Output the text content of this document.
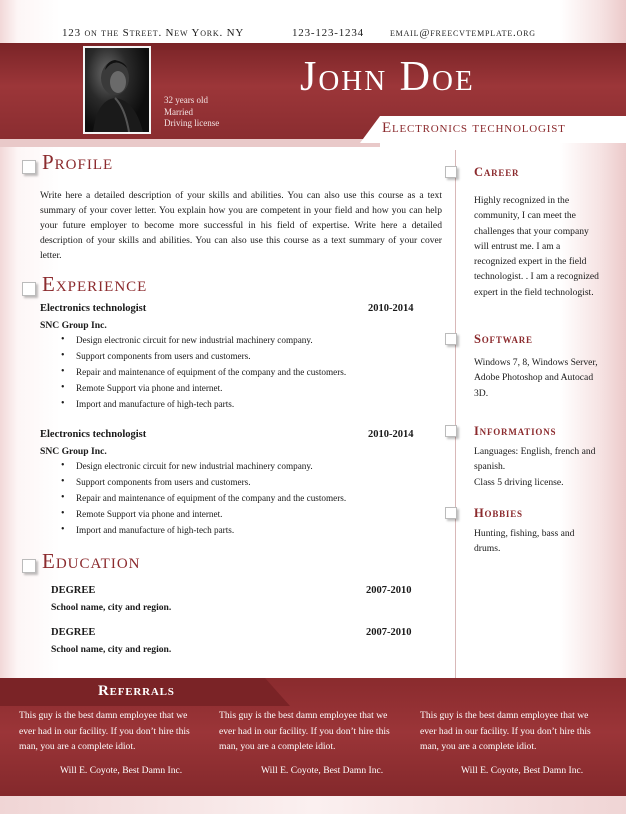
123 on the Street. New York. NY	123-123-1234 email@freecvtemplate.org
32 years old
Married
Driving license
John Doe
Electronics technologist
Profile
Write here a detailed description of your skills and abilities. You can also use this course as a text summary of your cover letter. You explain how you are competent in your field and how you can help your future employer to become more successful in his field of expertise. Write here a detailed description of your skills and abilities. You can also use this course as a text summary of your cover letter.
Experience
Electronics technologist	2010-2014
SNC Group Inc.
• Design electronic circuit for new industrial machinery company.
• Support components from users and customers.
• Repair and maintenance of equipment of the company and the customers.
• Remote Support via phone and internet.
• Import and manufacture of high-tech parts.
Electronics technologist	2010-2014
SNC Group Inc.
• Design electronic circuit for new industrial machinery company.
• Support components from users and customers.
• Repair and maintenance of equipment of the company and the customers.
• Remote Support via phone and internet.
• Import and manufacture of high-tech parts.
Education
DEGREE	2007-2010
School name, city and region.
DEGREE	2007-2010
School name, city and region.
Career
Highly recognized in the community, I can meet the challenges that your company will entrust me. I am a recognized expert in the field technologist. . I am a recognized expert in the field technologist.
Software
Windows 7, 8, Windows Server, Adobe Photoshop and Autocad 3D.
Informations
Languages: English, french and spanish.
Class 5 driving license.
Hobbies
Hunting, fishing, bass and drums.
Referrals
This guy is the best damn employee that we ever had in our facility. If you don’t hire this man, you are a complete idiot.
This guy is the best damn employee that we ever had in our facility. If you don’t hire this man, you are a complete idiot.
This guy is the best damn employee that we ever had in our facility. If you don’t hire this man, you are a complete idiot.
Will E. Coyote, Best Damn Inc.	Will E. Coyote, Best Damn Inc.	Will E. Coyote, Best Damn Inc.
